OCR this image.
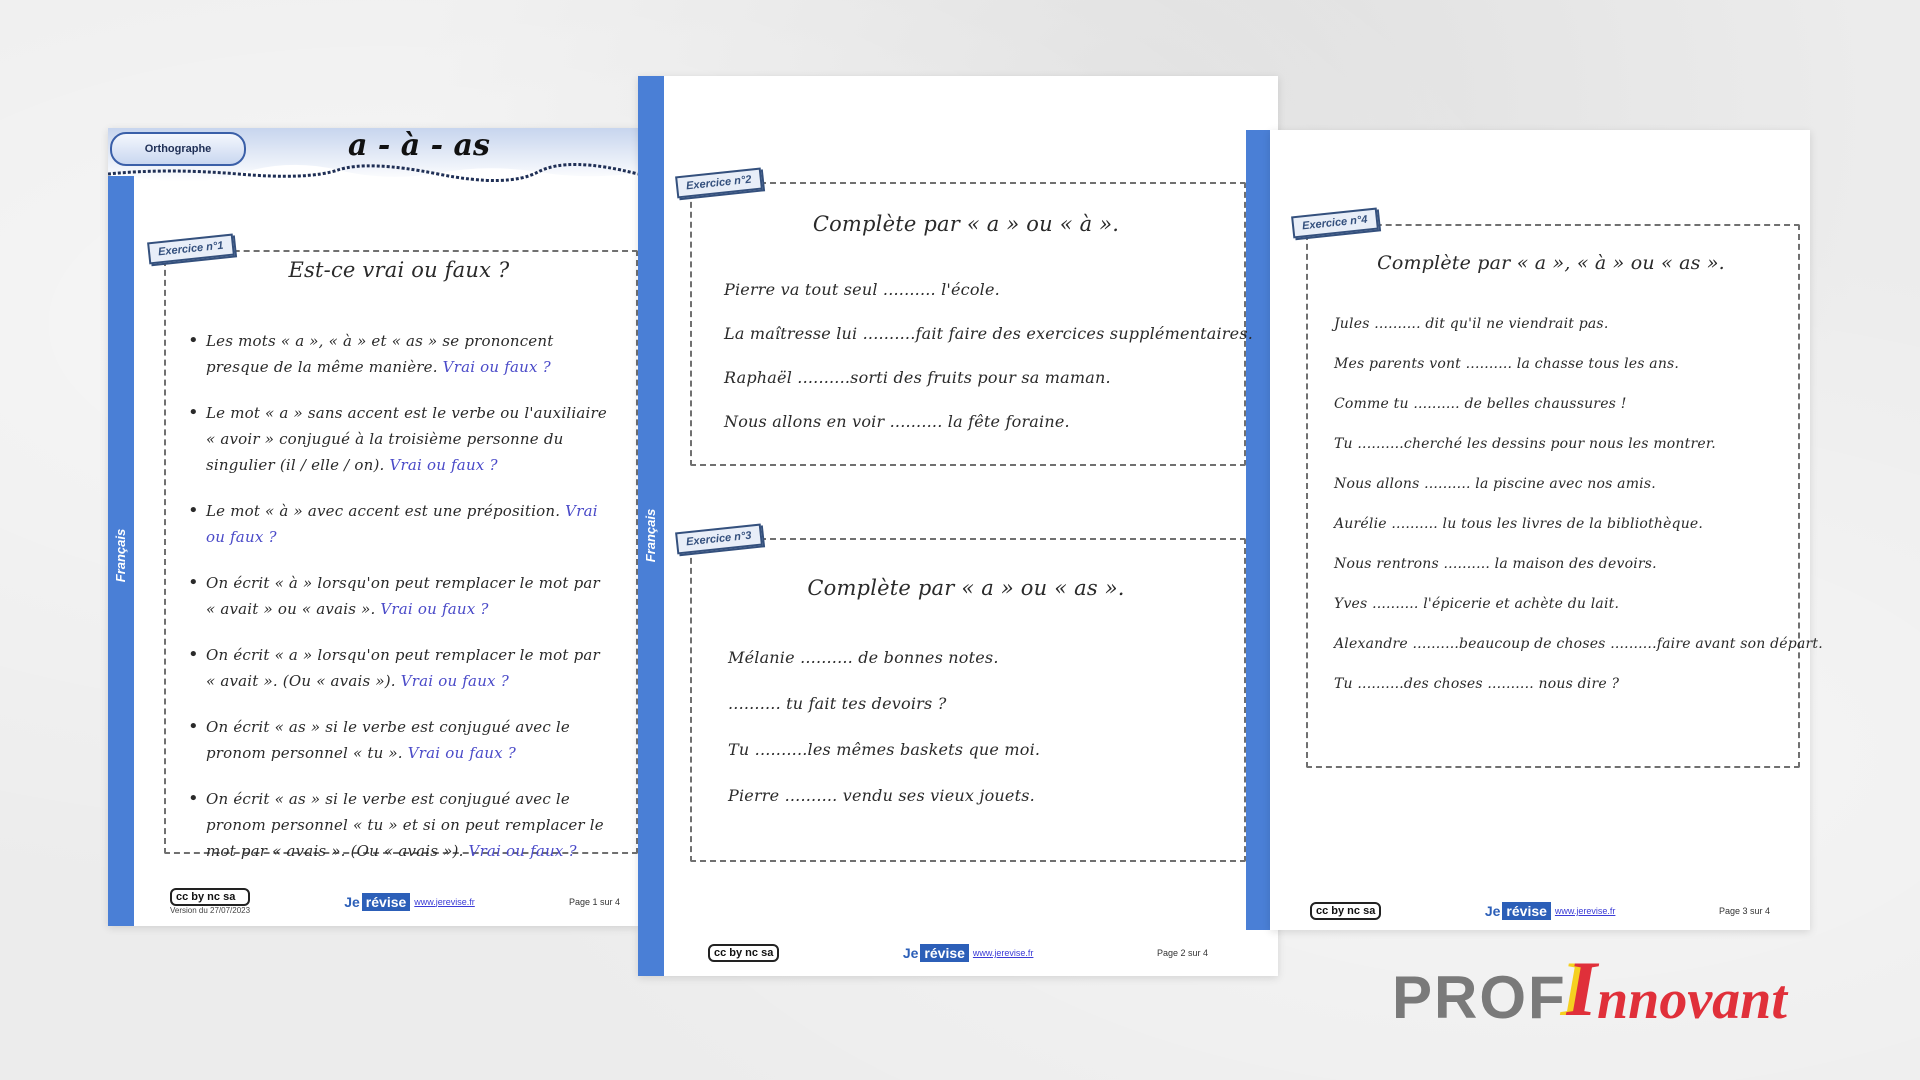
Orthographe	a - à - as
Français
Exercice n°1
Est-ce vrai ou faux ?
• Les mots « a », « à » et « as » se prononcent presque de la même manière. Vrai ou faux ?
• Le mot « a » sans accent est le verbe ou l'auxiliaire « avoir » conjugué à la troisième personne du singulier (il / elle / on). Vrai ou faux ?
• Le mot « à » avec accent est une préposition. Vrai ou faux ?
• On écrit « à » lorsqu'on peut remplacer le mot par « avait » ou « avais ». Vrai ou faux ?
• On écrit « a » lorsqu'on peut remplacer le mot par « avait ». (Ou « avais »). Vrai ou faux ?
• On écrit « as » si le verbe est conjugué avec le pronom personnel « tu ». Vrai ou faux ?
• On écrit « as » si le verbe est conjugué avec le pronom personnel « tu » et si on peut remplacer le mot par « avais ». (Ou « avais »). Vrai ou faux ?
cc by nc sa
Version du 27/07/2023
Je révise www.jerevise.fr	Page 1 sur 4
Français
Exercice n°2
Complète par « a » ou « à ».
Pierre va tout seul .......... l'école.
La maîtresse lui ..........fait faire des exercices supplémentaires.
Raphaël ..........sorti des fruits pour sa maman.
Nous allons en voir .......... la fête foraine.
Exercice n°3
Complète par « a » ou « as ».
Mélanie .......... de bonnes notes.
.......... tu fait tes devoirs ?
Tu ..........les mêmes baskets que moi.
Pierre .......... vendu ses vieux jouets.
cc by nc sa	Je révise www.jerevise.fr	Page 2 sur 4
Français
Exercice n°4
Complète par « a », « à » ou « as ».
Jules .......... dit qu'il ne viendrait pas.
Mes parents vont .......... la chasse tous les ans.
Comme tu .......... de belles chaussures !
Tu ..........cherché les dessins pour nous les montrer.
Nous allons .......... la piscine avec nos amis.
Aurélie .......... lu tous les livres de la bibliothèque.
Nous rentrons .......... la maison des devoirs.
Yves .......... l'épicerie et achète du lait.
Alexandre ..........beaucoup de choses ..........faire avant son départ.
Tu ..........des choses .......... nous dire ?
cc by nc sa	Je révise www.jerevise.fr	Page 3 sur 4
PROF I nnovant
